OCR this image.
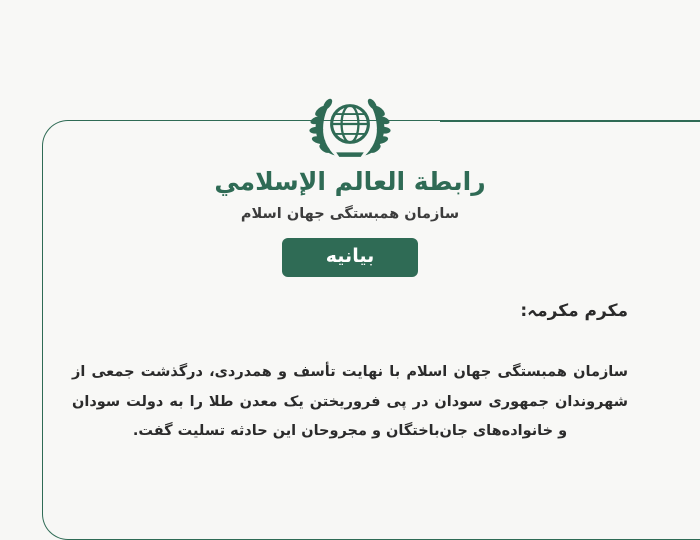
رابطة العالم الإسلامي
سازمان همبستگی جهان اسلام
بیانیه
مکرم مکرمہ:
سازمان همبستگی جهان اسلام با نهایت تأسف و همدردی، درگذشت جمعی از شهروندان جمهوری سودان در پی فروریختن یک معدن طلا را به دولت سودان و خانواده‌های جان‌باختگان و مجروحان این حادثه تسلیت گفت.
